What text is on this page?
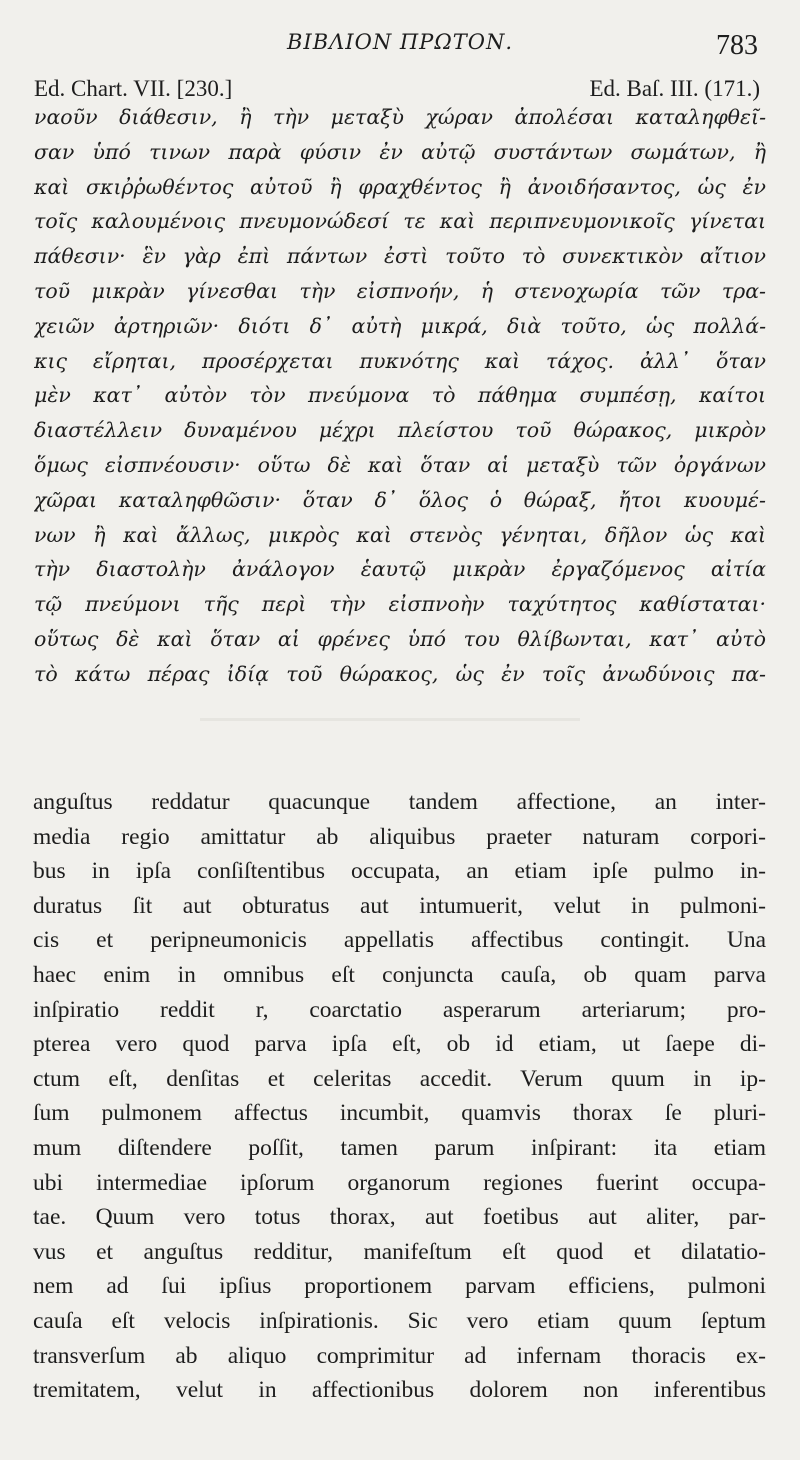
ΒΙΒΛΙΟΝ ΠΡΩΤΟΝ.	783
Ed. Chart. VII. [230.]	Ed. Baſ. III. (171.)
ναοῦν διάθεσιν, ἢ τὴν μεταξὺ χώραν ἀπολέσαι καταληφθεῖ-
σαν ὑπό τινων παρὰ φύσιν ἐν αὐτῷ συστάντων σωμάτων, ἢ
καὶ σκιῤῥωθέντος αὐτοῦ ἢ φραχθέντος ἢ ἀνοιδήσαντος, ὡς ἐν
τοῖς καλουμένοις πνευμονώδεσί τε καὶ περιπνευμονικοῖς γίνεται
πάθεσιν· ἓν γὰρ ἐπὶ πάντων ἐστὶ τοῦτο τὸ συνεκτικὸν αἴτιον
τοῦ μικρὰν γίνεσθαι τὴν εἰσπνοήν, ἡ στενοχωρία τῶν τρα-
χειῶν ἀρτηριῶν· διότι δ᾽ αὐτὴ μικρά, διὰ τοῦτο, ὡς πολλά-
κις εἴρηται, προσέρχεται πυκνότης καὶ τάχος. ἀλλ᾽ ὅταν
μὲν κατ᾽ αὐτὸν τὸν πνεύμονα τὸ πάθημα συμπέσῃ, καίτοι
διαστέλλειν δυναμένου μέχρι πλείστου τοῦ θώρακος, μικρὸν
ὅμως εἰσπνέουσιν· οὕτω δὲ καὶ ὅταν αἱ μεταξὺ τῶν ὀργάνων
χῶραι καταληφθῶσιν· ὅταν δ᾽ ὅλος ὁ θώραξ, ἤτοι κυουμέ-
νων ἢ καὶ ἄλλως, μικρὸς καὶ στενὸς γένηται, δῆλον ὡς καὶ
τὴν διαστολὴν ἀνάλογον ἑαυτῷ μικρὰν ἐργαζόμενος αἰτία
τῷ πνεύμονι τῆς περὶ τὴν εἰσπνοὴν ταχύτητος καθίσταται·
οὕτως δὲ καὶ ὅταν αἱ φρένες ὑπό του θλίβωνται, κατ᾽ αὐτὸ
τὸ κάτω πέρας ἰδίᾳ τοῦ θώρακος, ὡς ἐν τοῖς ἀνωδύνοις πα-
anguſtus reddatur quacunque tandem affectione, an inter-
media regio amittatur ab aliquibus praeter naturam corpori-
bus in ipſa conſiſtentibus occupata, an etiam ipſe pulmo in-
duratus ſit aut obturatus aut intumuerit, velut in pulmoni-
cis et peripneumonicis appellatis affectibus contingit. Una
haec enim in omnibus eſt conjuncta cauſa, ob quam parva
inſpiratio reddit r, coarctatio asperarum arteriarum; pro-
pterea vero quod parva ipſa eſt, ob id etiam, ut ſaepe di-
ctum eſt, denſitas et celeritas accedit. Verum quum in ip-
ſum pulmonem affectus incumbit, quamvis thorax ſe pluri-
mum diſtendere poſſit, tamen parum inſpirant: ita etiam
ubi intermediae ipſorum organorum regiones fuerint occupa-
tae. Quum vero totus thorax, aut foetibus aut aliter, par-
vus et anguſtus redditur, manifeſtum eſt quod et dilatatio-
nem ad ſui ipſius proportionem parvam efficiens, pulmoni
cauſa eſt velocis inſpirationis. Sic vero etiam quum ſeptum
transverſum ab aliquo comprimitur ad infernam thoracis ex-
tremitatem, velut in affectionibus dolorem non inferentibus
